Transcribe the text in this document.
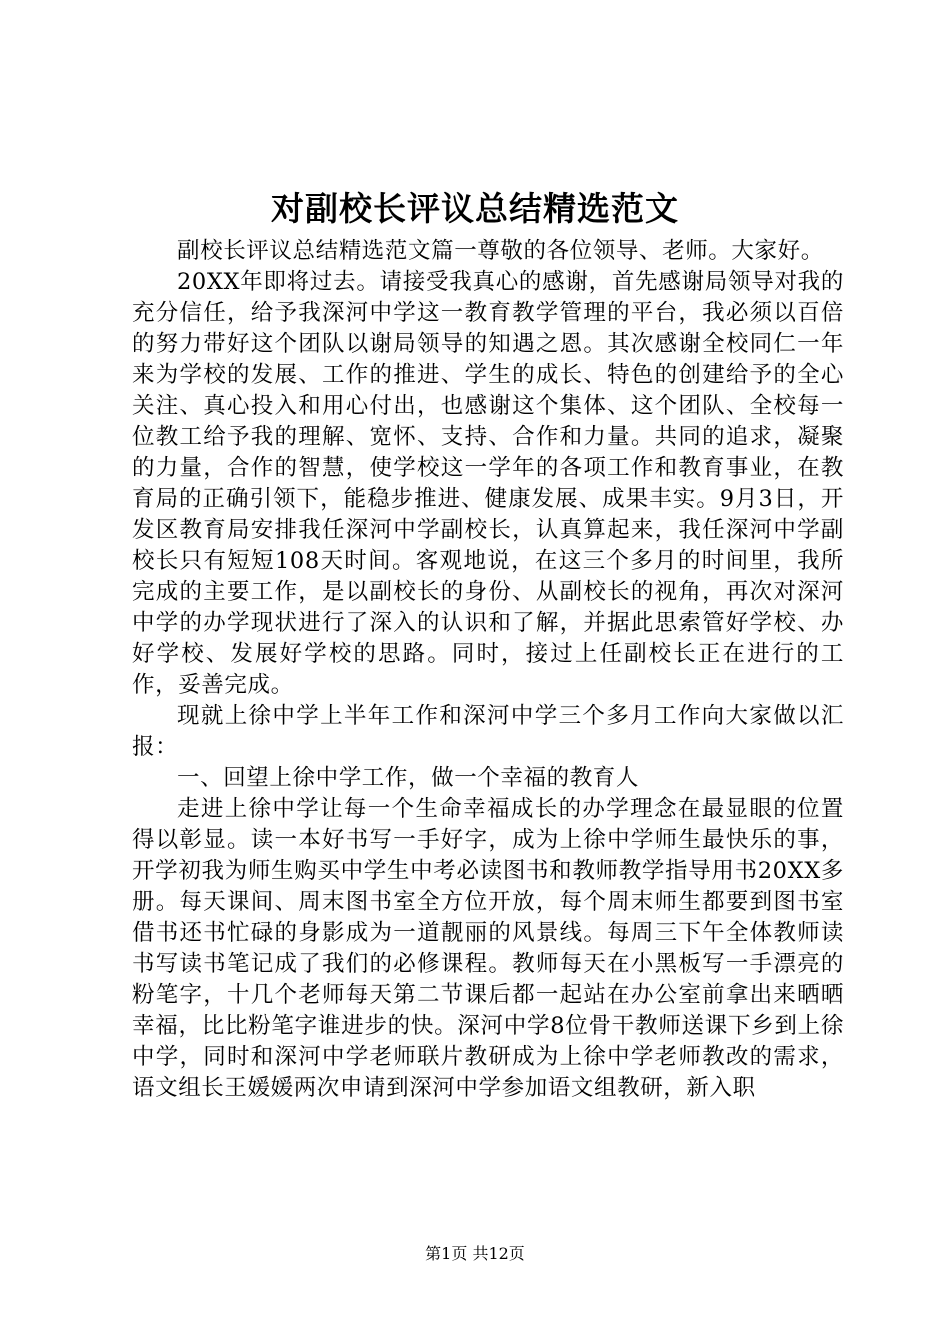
对副校长评议总结精选范文

副校长评议总结精选范文篇一尊敬的各位领导、老师。大家好。

20XX年即将过去。请接受我真心的感谢，首先感谢局领导对我的充分信任，给予我深河中学这一教育教学管理的平台，我必须以百倍的努力带好这个团队以谢局领导的知遇之恩。其次感谢全校同仁一年来为学校的发展、工作的推进、学生的成长、特色的创建给予的全心关注、真心投入和用心付出，也感谢这个集体、这个团队、全校每一位教工给予我的理解、宽怀、支持、合作和力量。共同的追求，凝聚的力量，合作的智慧，使学校这一学年的各项工作和教育事业，在教育局的正确引领下，能稳步推进、健康发展、成果丰实。9月3日，开发区教育局安排我任深河中学副校长，认真算起来，我任深河中学副校长只有短短108天时间。客观地说，在这三个多月的时间里，我所完成的主要工作，是以副校长的身份、从副校长的视角，再次对深河中学的办学现状进行了深入的认识和了解，并据此思索管好学校、办好学校、发展好学校的思路。同时，接过上任副校长正在进行的工作，妥善完成。

现就上徐中学上半年工作和深河中学三个多月工作向大家做以汇报：

一、回望上徐中学工作，做一个幸福的教育人

走进上徐中学让每一个生命幸福成长的办学理念在最显眼的位置得以彰显。读一本好书写一手好字，成为上徐中学师生最快乐的事，开学初我为师生购买中学生中考必读图书和教师教学指导用书20XX多册。每天课间、周末图书室全方位开放，每个周末师生都要到图书室借书还书忙碌的身影成为一道靓丽的风景线。每周三下午全体教师读书写读书笔记成了我们的必修课程。教师每天在小黑板写一手漂亮的粉笔字，十几个老师每天第二节课后都一起站在办公室前拿出来晒晒幸福，比比粉笔字谁进步的快。深河中学8位骨干教师送课下乡到上徐中学，同时和深河中学老师联片教研成为上徐中学老师教改的需求，语文组长王媛媛两次申请到深河中学参加语文组教研，新入职

第1页 共12页
